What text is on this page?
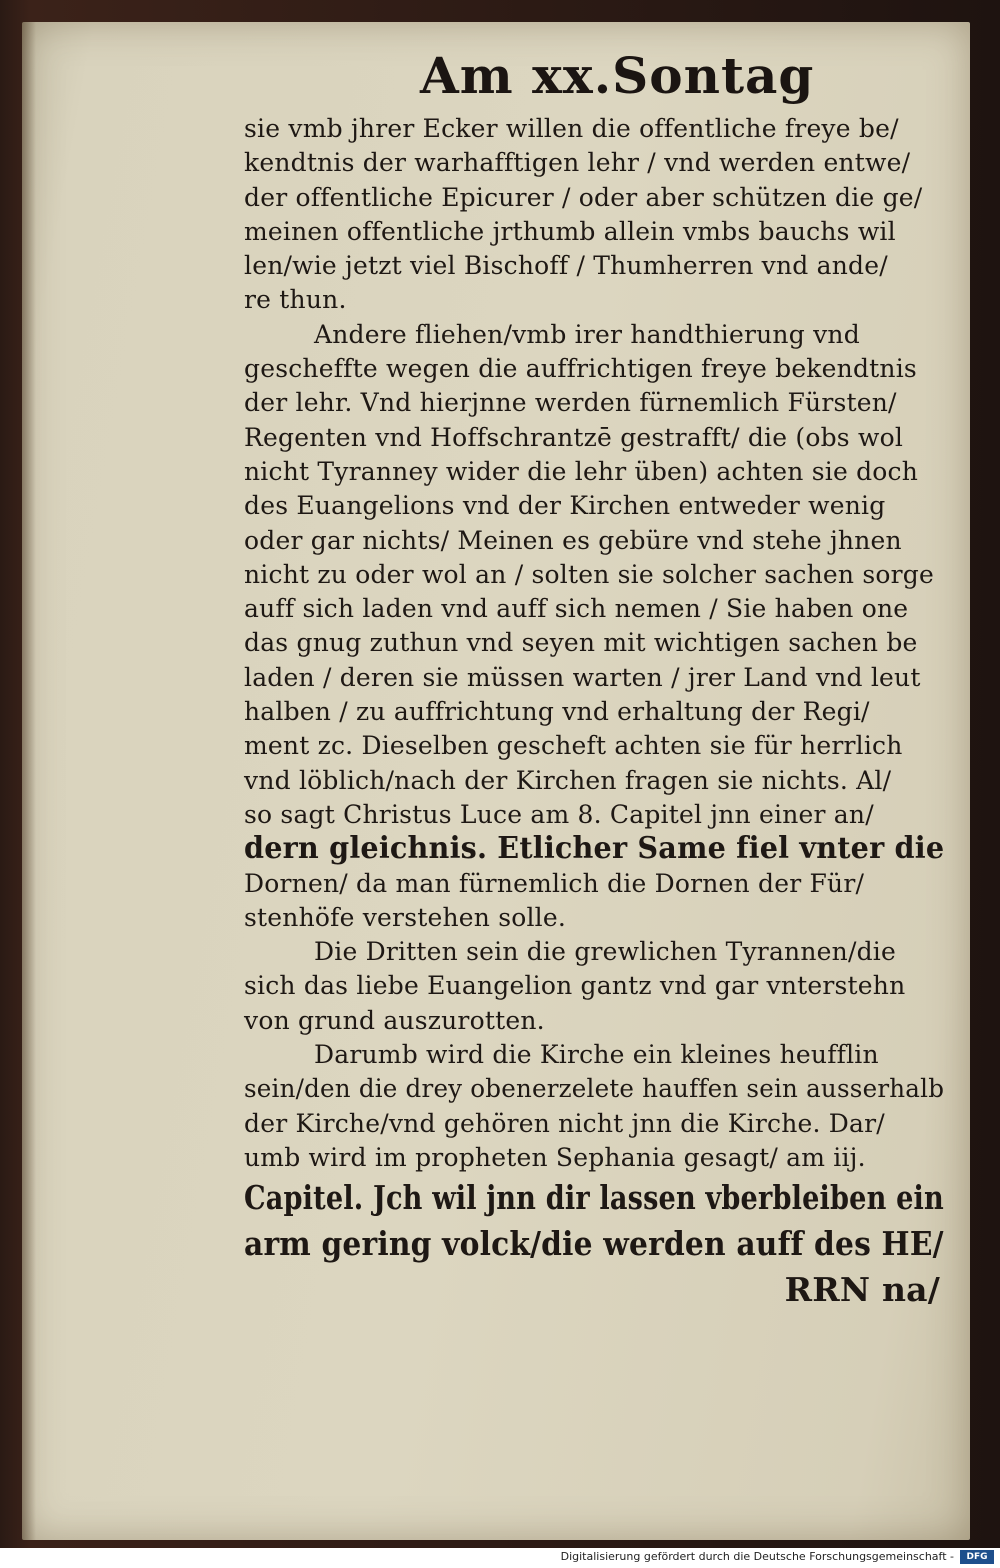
Am xx.Sontag
sie vmb jhrer Ecker willen die offentliche freye be/
kendtnis der warhafftigen lehr / vnd werden entwe/
der offentliche Epicurer / oder aber schützen die ge/
meinen offentliche jrthumb allein vmbs bauchs wil
len/wie jetzt viel Bischoff / Thumherren vnd ande/
re thun.
Andere fliehen/vmb irer handthierung vnd
gescheffte wegen die auffrichtigen freye bekendtnis
der lehr. Vnd hierjnne werden fürnemlich Fürsten/
Regenten vnd Hoffschrantzē gestrafft/ die (obs wol
nicht Tyranney wider die lehr üben) achten sie doch
des Euangelions vnd der Kirchen entweder wenig
oder gar nichts/ Meinen es gebüre vnd stehe jhnen
nicht zu oder wol an / solten sie solcher sachen sorge
auff sich laden vnd auff sich nemen / Sie haben one
das gnug zuthun vnd seyen mit wichtigen sachen be
laden / deren sie müssen warten / jrer Land vnd leut
halben / zu auffrichtung vnd erhaltung der Regi/
ment zc. Dieselben gescheft achten sie für herrlich
vnd löblich/nach der Kirchen fragen sie nichts. Al/
so sagt Christus Luce am 8. Capitel jnn einer an/
dern gleichnis. Etlicher Same fiel vnter die
Dornen/ da man fürnemlich die Dornen der Für/
stenhöfe verstehen solle.
Die Dritten sein die grewlichen Tyrannen/die
sich das liebe Euangelion gantz vnd gar vnterstehn
von grund auszurotten.
Darumb wird die Kirche ein kleines heufflin
sein/den die drey obenerzelete hauffen sein ausserhalb
der Kirche/vnd gehören nicht jnn die Kirche. Dar/
umb wird im propheten Sephania gesagt/ am iij.
Capitel. Jch wil jnn dir lassen vberbleiben ein
arm gering volck/die werden auff des HE/
RRN na/
Digitalisierung gefördert durch die Deutsche Forschungsgemeinschaft -	DFG
